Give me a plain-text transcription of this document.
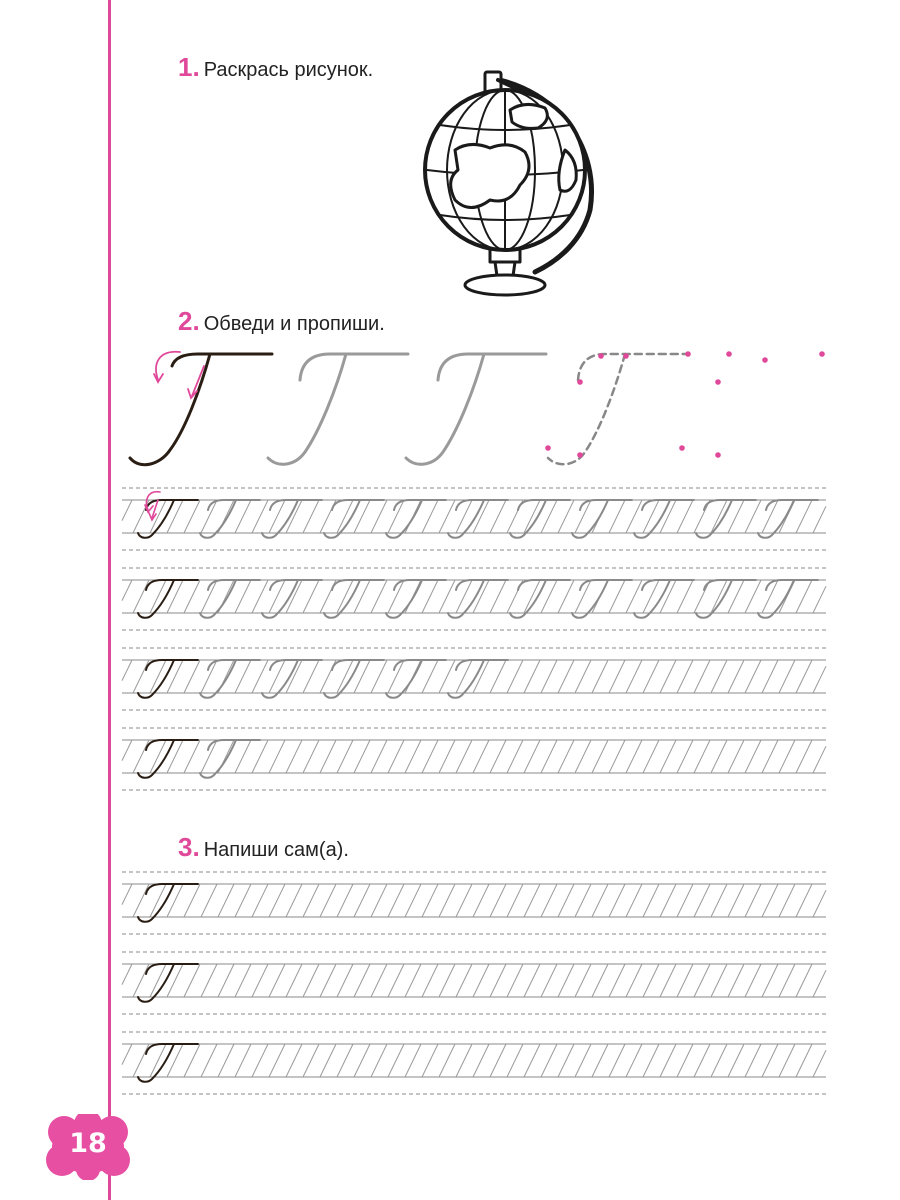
1. Раскрась рисунок.
2. Обведи и пропиши.
3. Напиши сам(а).
18
